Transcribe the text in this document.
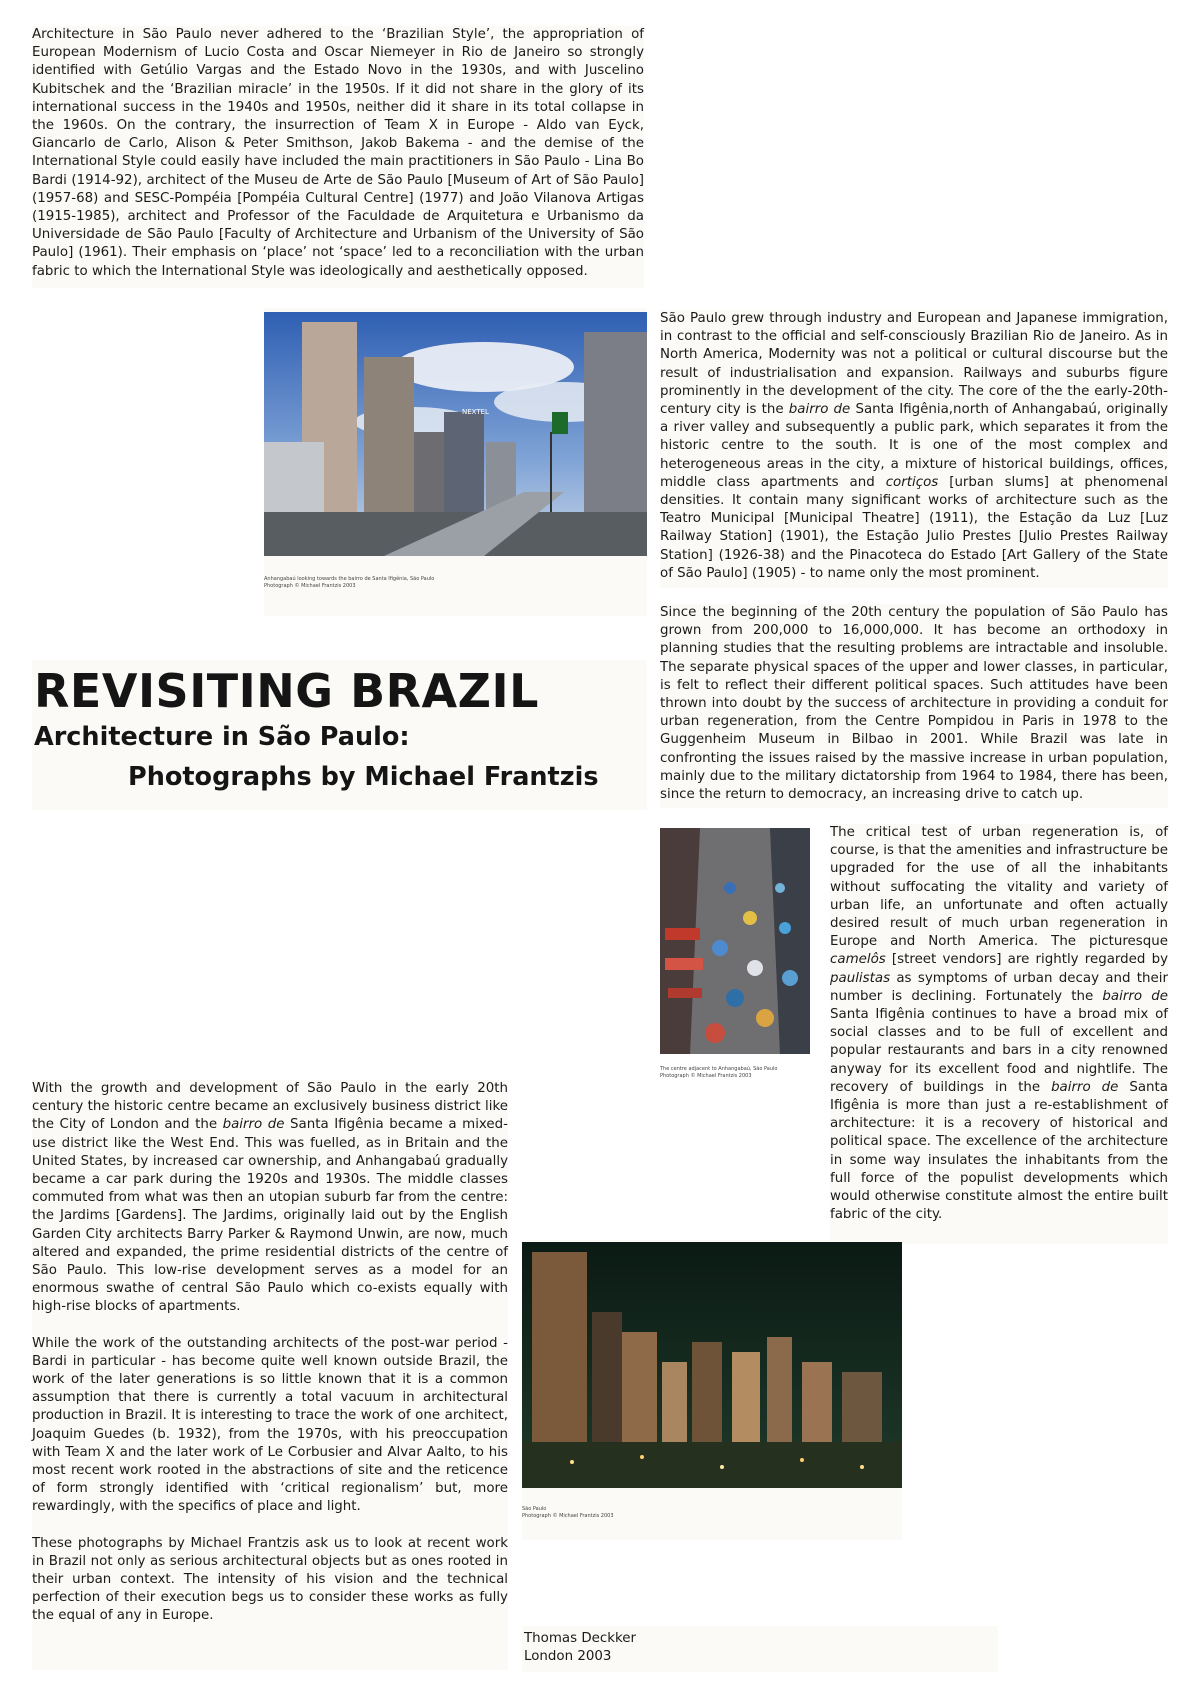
Architecture in São Paulo never adhered to the ‘Brazilian Style’, the appropriation of European Modernism of Lucio Costa and Oscar Niemeyer in Rio de Janeiro so strongly identified with Getúlio Vargas and the Estado Novo in the 1930s, and with Juscelino Kubitschek and the ‘Brazilian miracle’ in the 1950s. If it did not share in the glory of its international success in the 1940s and 1950s, neither did it share in its total collapse in the 1960s. On the contrary, the insurrection of Team X in Europe - Aldo van Eyck, Giancarlo de Carlo, Alison & Peter Smithson, Jakob Bakema - and the demise of the International Style could easily have included the main practitioners in São Paulo - Lina Bo Bardi (1914-92), architect of the Museu de Arte de São Paulo [Museum of Art of São Paulo] (1957-68) and SESC-Pompéia [Pompéia Cultural Centre] (1977) and João Vilanova Artigas (1915-1985), architect and Professor of the Faculdade de Arquitetura e Urbanismo da Universidade de São Paulo [Faculty of Architecture and Urbanism of the University of São Paulo] (1961). Their emphasis on ‘place’ not ‘space’ led to a reconciliation with the urban fabric to which the International Style was ideologically and aesthetically opposed.

NEXTEL
Anhangabaú looking towards the bairro de Santa Ifigênia, São Paulo
Photograph © Michael Frantzis 2003

São Paulo grew through industry and European and Japanese immigration, in contrast to the official and self-consciously Brazilian Rio de Janeiro. As in North America, Modernity was not a political or cultural discourse but the result of industrialisation and expansion. Railways and suburbs figure prominently in the development of the city. The core of the the early-20th-century city is the bairro de Santa Ifigênia,north of Anhangabaú, originally a river valley and subsequently a public park, which separates it from the historic centre to the south. It is one of the most complex and heterogeneous areas in the city, a mixture of historical buildings, offices, middle class apartments and cortiços [urban slums] at phenomenal densities. It contain many significant works of architecture such as the Teatro Municipal [Municipal Theatre] (1911), the Estação da Luz [Luz Railway Station] (1901), the Estação Julio Prestes [Julio Prestes Railway Station] (1926-38) and the Pinacoteca do Estado [Art Gallery of the State of São Paulo] (1905) - to name only the most prominent.

Since the beginning of the 20th century the population of São Paulo has grown from 200,000 to 16,000,000. It has become an orthodoxy in planning studies that the resulting problems are intractable and insoluble. The separate physical spaces of the upper and lower classes, in particular, is felt to reflect their different political spaces. Such attitudes have been thrown into doubt by the success of architecture in providing a conduit for urban regeneration, from the Centre Pompidou in Paris in 1978 to the Guggenheim Museum in Bilbao in 2001. While Brazil was late in confronting the issues raised by the massive increase in urban population, mainly due to the military dictatorship from 1964 to 1984, there has been, since the return to democracy, an increasing drive to catch up.

REVISITING BRAZIL
Architecture in São Paulo:
Photographs by Michael Frantzis
The centre adjacent to Anhangabaú, São Paulo
Photograph © Michael Frantzis 2003

The critical test of urban regeneration is, of course, is that the amenities and infrastructure be upgraded for the use of all the inhabitants without suffocating the vitality and variety of urban life, an unfortunate and often actually desired result of much urban regeneration in Europe and North America. The picturesque camelôs [street vendors] are rightly regarded by paulistas as symptoms of urban decay and their number is declining. Fortunately the bairro de Santa Ifigênia continues to have a broad mix of social classes and to be full of excellent and popular restaurants and bars in a city renowned anyway for its excellent food and nightlife. The recovery of buildings in the bairro de Santa Ifigênia is more than just a re-establishment of architecture: it is a recovery of historical and political space. The excellence of the architecture in some way insulates the inhabitants from the full force of the populist developments which would otherwise constitute almost the entire built fabric of the city.

With the growth and development of São Paulo in the early 20th century the historic centre became an exclusively business district like the City of London and the bairro de Santa Ifigênia became a mixed-use district like the West End. This was fuelled, as in Britain and the United States, by increased car ownership, and Anhangabaú gradually became a car park during the 1920s and 1930s. The middle classes commuted from what was then an utopian suburb far from the centre: the Jardims [Gardens]. The Jardims, originally laid out by the English Garden City architects Barry Parker & Raymond Unwin, are now, much altered and expanded, the prime residential districts of the centre of São Paulo. This low-rise development serves as a model for an enormous swathe of central São Paulo which co-exists equally with high-rise blocks of apartments.

While the work of the outstanding architects of the post-war period - Bardi in particular - has become quite well known outside Brazil, the work of the later generations is so little known that it is a common assumption that there is currently a total vacuum in architectural production in Brazil. It is interesting to trace the work of one architect, Joaquim Guedes (b. 1932), from the 1970s, with his preoccupation with Team X and the later work of Le Corbusier and Alvar Aalto, to his most recent work rooted in the abstractions of site and the reticence of form strongly identified with ‘critical regionalism’ but, more rewardingly, with the specifics of place and light.

These photographs by Michael Frantzis ask us to look at recent work in Brazil not only as serious architectural objects but as ones rooted in their urban context. The intensity of his vision and the technical perfection of their execution begs us to consider these works as fully the equal of any in Europe.

São Paulo
Photograph © Michael Frantzis 2003
Thomas Deckker
London 2003
